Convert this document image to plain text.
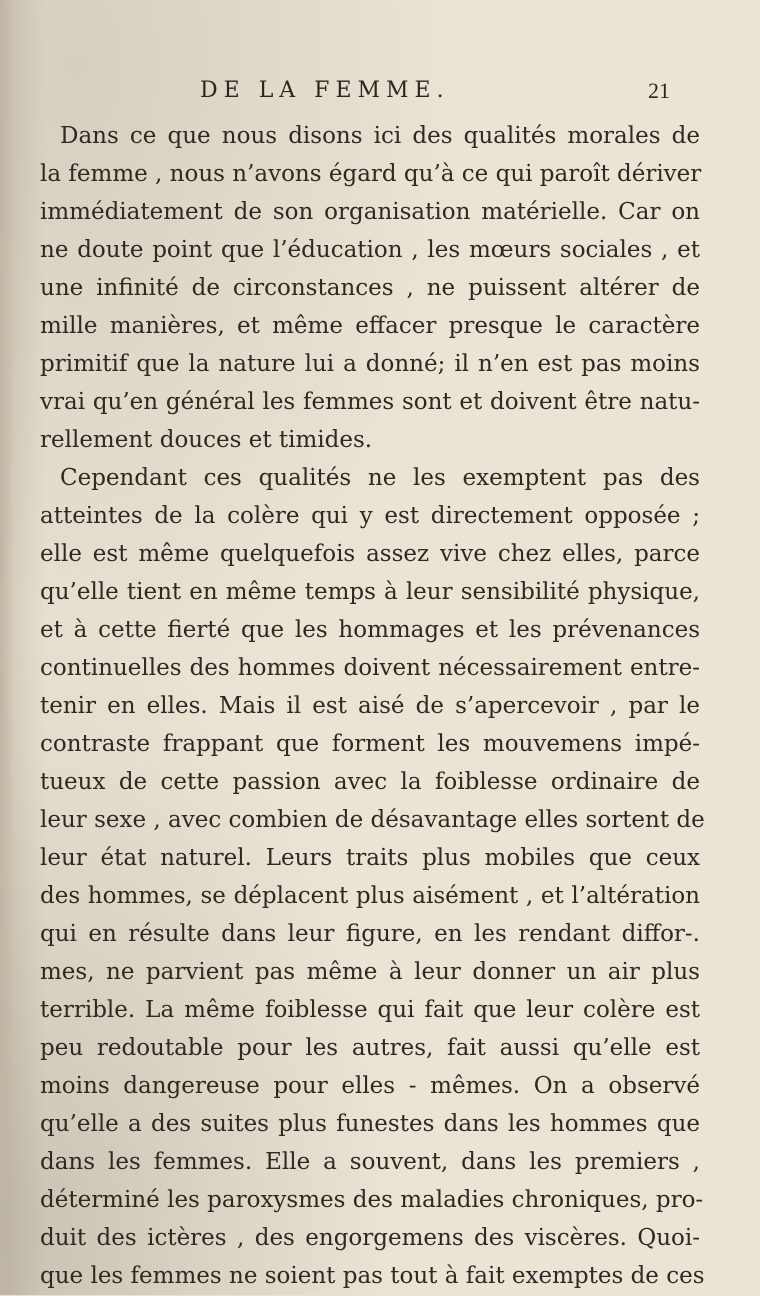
DE LA FEMME.	21
Dans ce que nous disons ici des qualités morales de
la femme , nous n’avons égard qu’à ce qui paroît dériver
immédiatement de son organisation matérielle. Car on
ne doute point que l’éducation , les mœurs sociales , et
une infinité de circonstances , ne puissent altérer de
mille manières, et même effacer presque le caractère
primitif que la nature lui a donné; il n’en est pas moins
vrai qu’en général les femmes sont et doivent être natu-
rellement douces et timides.
Cependant ces qualités ne les exemptent pas des
atteintes de la colère qui y est directement opposée ;
elle est même quelquefois assez vive chez elles, parce
qu’elle tient en même temps à leur sensibilité physique,
et à cette fierté que les hommages et les prévenances
continuelles des hommes doivent nécessairement entre-
tenir en elles. Mais il est aisé de s’apercevoir , par le
contraste frappant que forment les mouvemens impé-
tueux de cette passion avec la foiblesse ordinaire de
leur sexe , avec combien de désavantage elles sortent de
leur état naturel. Leurs traits plus mobiles que ceux
des hommes, se déplacent plus aisément , et l’altération
qui en résulte dans leur figure, en les rendant diffor-.
mes, ne parvient pas même à leur donner un air plus
terrible. La même foiblesse qui fait que leur colère est
peu redoutable pour les autres, fait aussi qu’elle est
moins dangereuse pour elles - mêmes. On a observé
qu’elle a des suites plus funestes dans les hommes que
dans les femmes. Elle a souvent, dans les premiers ,
déterminé les paroxysmes des maladies chroniques, pro-
duit des ictères , des engorgemens des viscères. Quoi-
que les femmes ne soient pas tout à fait exemptes de ces
